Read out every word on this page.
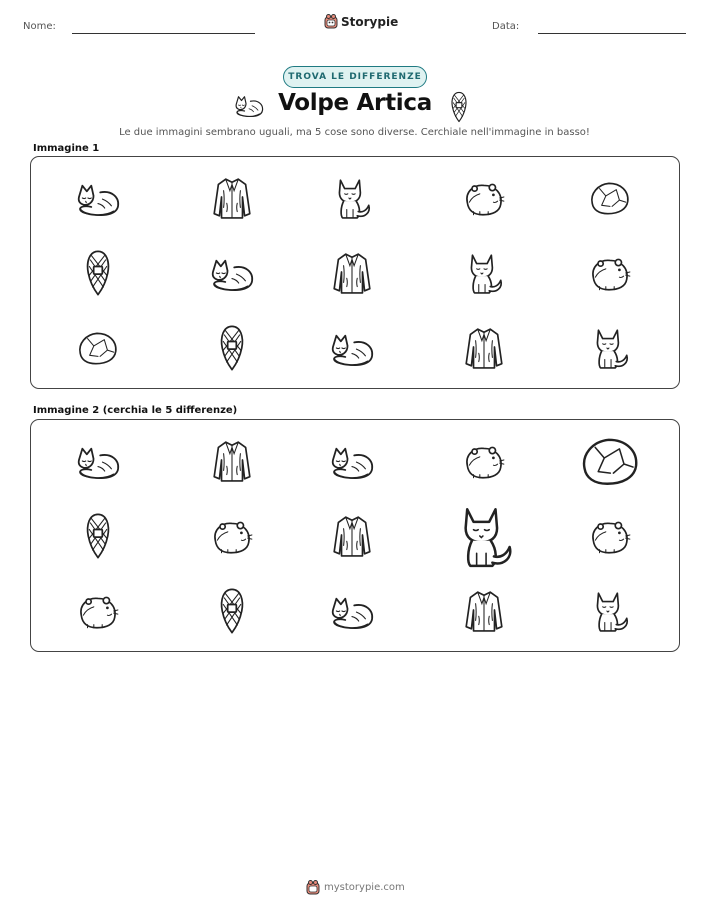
Nome:	Storypie	Data:
TROVA LE DIFFERENZE
Volpe Artica
Le due immagini sembrano uguali, ma 5 cose sono diverse. Cerchiale nell'immagine in basso!
Immagine 1
Immagine 2 (cerchia le 5 differenze)
mystorypie.com
